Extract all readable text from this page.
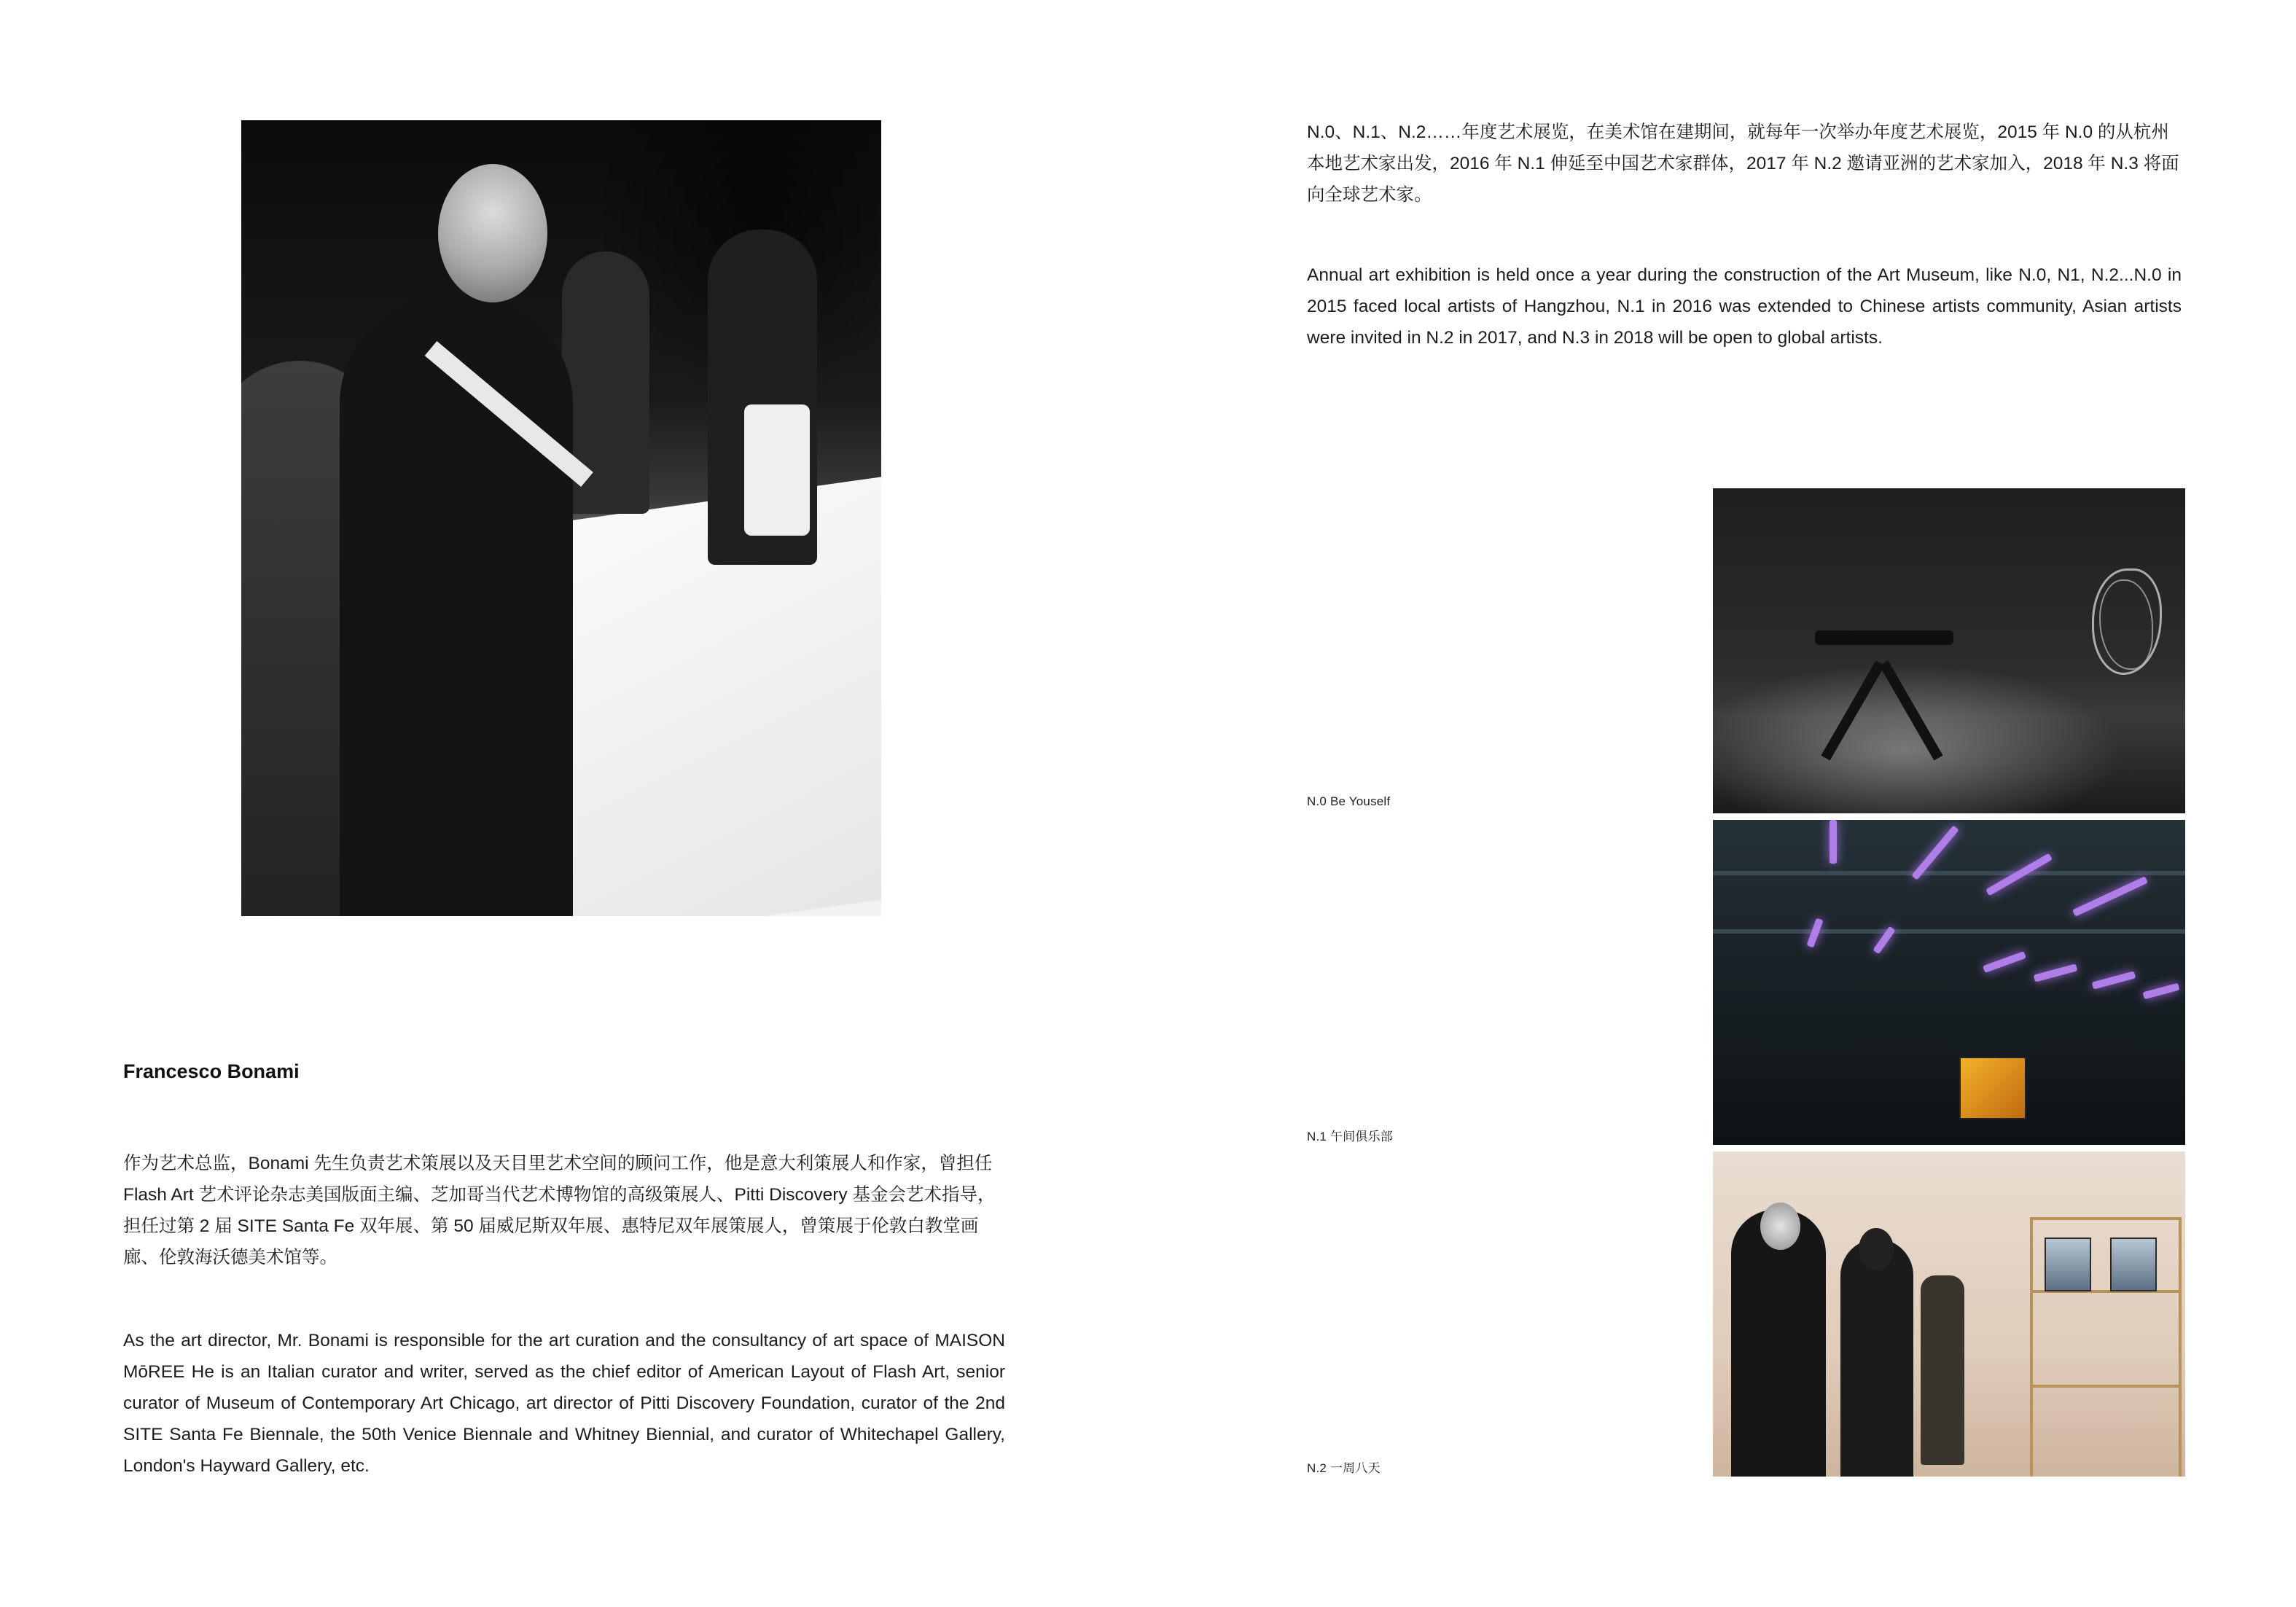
N.0、N.1、N.2……年度艺术展览，在美术馆在建期间，就每年一次举办年度艺术展览，2015 年 N.0 的从杭州本地艺术家出发，2016 年 N.1 伸延至中国艺术家群体，2017 年 N.2 邀请亚洲的艺术家加入，2018 年 N.3 将面向全球艺术家。

Annual art exhibition is held once a year during the construction of the Art Museum, like N.0, N1, N.2...N.0 in 2015 faced local artists of Hangzhou, N.1 in 2016 was extended to Chinese artists community, Asian artists were invited in N.2 in 2017, and N.3 in 2018 will be open to global artists.

N.0 Be Youself
N.1 午间俱乐部
N.2 一周八天
Francesco Bonami

作为艺术总监，Bonami 先生负责艺术策展以及天目里艺术空间的顾问工作，他是意大利策展人和作家，曾担任 Flash Art 艺术评论杂志美国版面主编、芝加哥当代艺术博物馆的高级策展人、Pitti Discovery 基金会艺术指导，担任过第 2 届 SITE Santa Fe 双年展、第 50 届威尼斯双年展、惠特尼双年展策展人，曾策展于伦敦白教堂画廊、伦敦海沃德美术馆等。

As the art director, Mr. Bonami is responsible for the art curation and the consultancy of art space of MAISON MōREE He is an Italian curator and writer, served as the chief editor of American Layout of Flash Art, senior curator of Museum of Contemporary Art Chicago, art director of Pitti Discovery Foundation, curator of the 2nd SITE Santa Fe Biennale, the 50th Venice Biennale and Whitney Biennial, and curator of Whitechapel Gallery, London's Hayward Gallery, etc.
